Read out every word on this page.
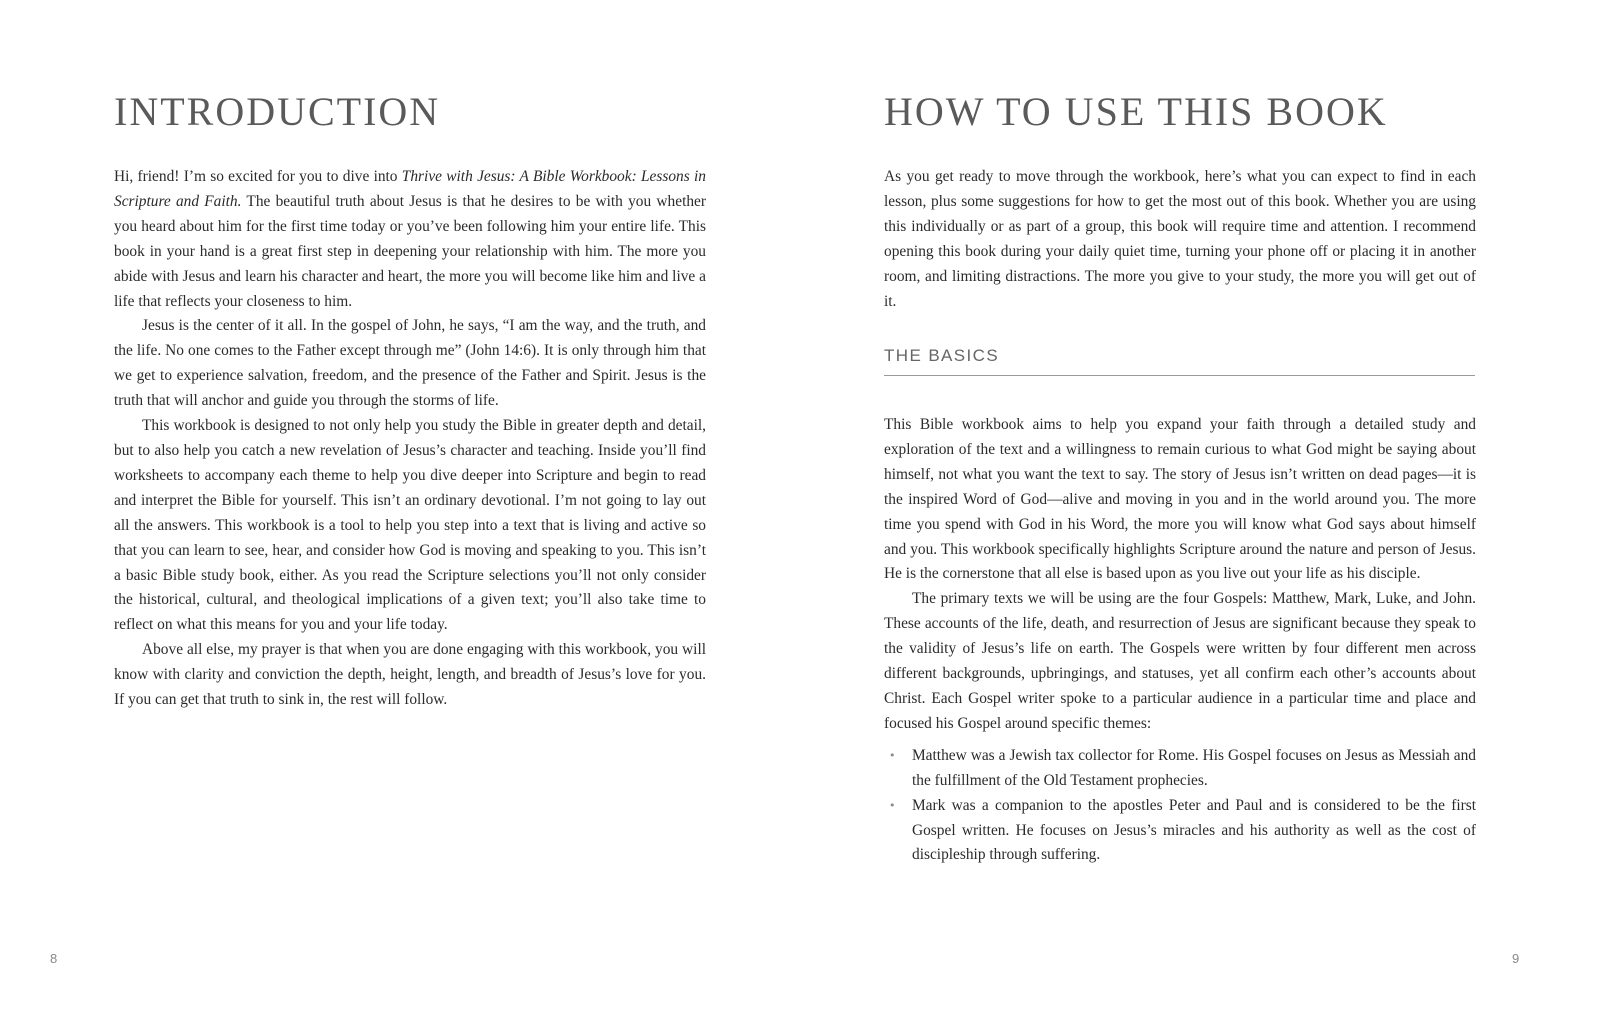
INTRODUCTION

Hi, friend! I’m so excited for you to dive into Thrive with Jesus: A Bible Workbook: Lessons in Scripture and Faith. The beautiful truth about Jesus is that he desires to be with you whether you heard about him for the first time today or you’ve been following him your entire life. This book in your hand is a great first step in deepening your relationship with him. The more you abide with Jesus and learn his character and heart, the more you will become like him and live a life that reflects your closeness to him.

Jesus is the center of it all. In the gospel of John, he says, “I am the way, and the truth, and the life. No one comes to the Father except through me” (John 14:6). It is only through him that we get to experience salvation, freedom, and the presence of the Father and Spirit. Jesus is the truth that will anchor and guide you through the storms of life.

This workbook is designed to not only help you study the Bible in greater depth and detail, but to also help you catch a new revelation of Jesus’s character and teaching. Inside you’ll find worksheets to accompany each theme to help you dive deeper into Scripture and begin to read and interpret the Bible for yourself. This isn’t an ordinary devotional. I’m not going to lay out all the answers. This workbook is a tool to help you step into a text that is living and active so that you can learn to see, hear, and consider how God is moving and speaking to you. This isn’t a basic Bible study book, either. As you read the Scripture selections you’ll not only consider the historical, cultural, and theological implications of a given text; you’ll also take time to reflect on what this means for you and your life today.

Above all else, my prayer is that when you are done engaging with this workbook, you will know with clarity and conviction the depth, height, length, and breadth of Jesus’s love for you. If you can get that truth to sink in, the rest will follow.

8
HOW TO USE THIS BOOK

As you get ready to move through the workbook, here’s what you can expect to find in each lesson, plus some suggestions for how to get the most out of this book. Whether you are using this individually or as part of a group, this book will require time and attention. I recommend opening this book during your daily quiet time, turning your phone off or placing it in another room, and limiting distractions. The more you give to your study, the more you will get out of it.

THE BASICS

This Bible workbook aims to help you expand your faith through a detailed study and exploration of the text and a willingness to remain curious to what God might be saying about himself, not what you want the text to say. The story of Jesus isn’t written on dead pages—it is the inspired Word of God—alive and moving in you and in the world around you. The more time you spend with God in his Word, the more you will know what God says about himself and you. This workbook specifically highlights Scripture around the nature and person of Jesus. He is the cornerstone that all else is based upon as you live out your life as his disciple.

The primary texts we will be using are the four Gospels: Matthew, Mark, Luke, and John. These accounts of the life, death, and resurrection of Jesus are significant because they speak to the validity of Jesus’s life on earth. The Gospels were written by four different men across different backgrounds, upbringings, and statuses, yet all confirm each other’s accounts about Christ. Each Gospel writer spoke to a particular audience in a particular time and place and focused his Gospel around specific themes:

• Matthew was a Jewish tax collector for Rome. His Gospel focuses on Jesus as Messiah and the fulfillment of the Old Testament prophecies.
• Mark was a companion to the apostles Peter and Paul and is considered to be the first Gospel written. He focuses on Jesus’s miracles and his authority as well as the cost of discipleship through suffering.
9
